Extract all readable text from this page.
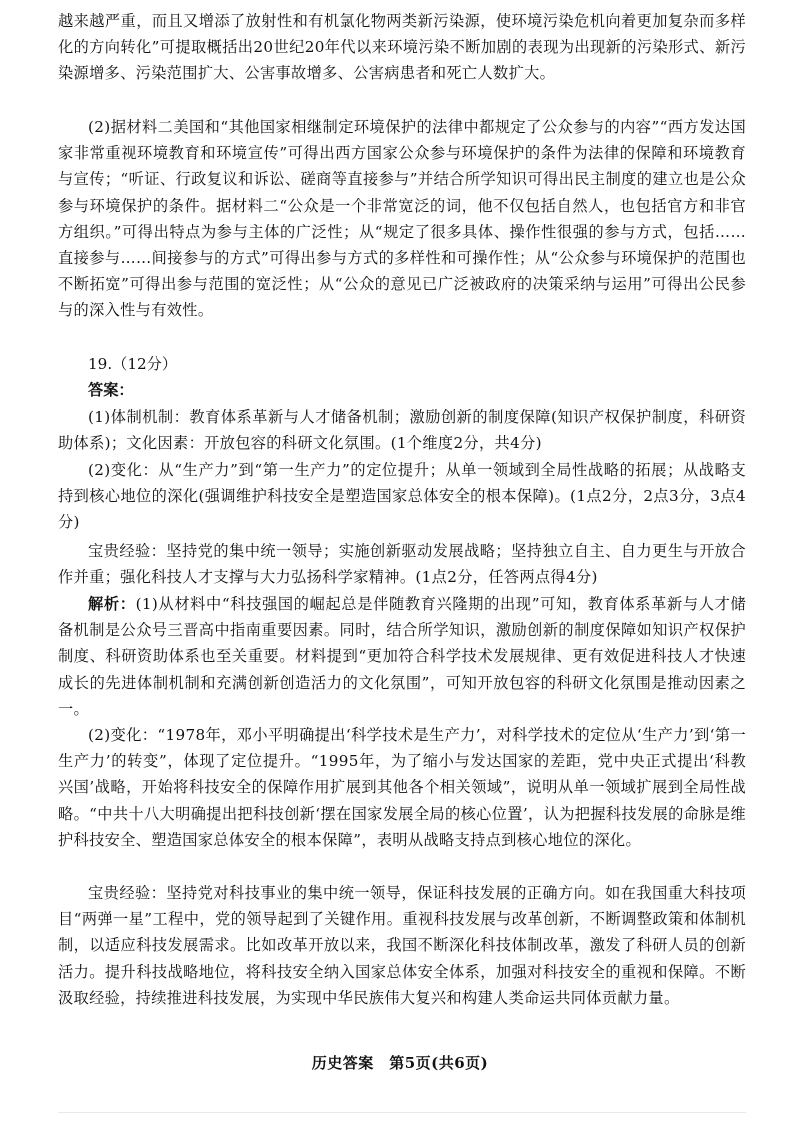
越来越严重，而且又增添了放射性和有机氯化物两类新污染源，使环境污染危机向着更加复杂而多样化的方向转化”可提取概括出20世纪20年代以来环境污染不断加剧的表现为出现新的污染形式、新污染源增多、污染范围扩大、公害事故增多、公害病患者和死亡人数扩大。

(2)据材料二美国和“其他国家相继制定环境保护的法律中都规定了公众参与的内容”“西方发达国家非常重视环境教育和环境宣传”可得出西方国家公众参与环境保护的条件为法律的保障和环境教育与宣传；“听证、行政复议和诉讼、磋商等直接参与”并结合所学知识可得出民主制度的建立也是公众参与环境保护的条件。据材料二“公众是一个非常宽泛的词，他不仅包括自然人，也包括官方和非官方组织。”可得出特点为参与主体的广泛性；从“规定了很多具体、操作性很强的参与方式，包括……直接参与……间接参与的方式”可得出参与方式的多样性和可操作性；从“公众参与环境保护的范围也不断拓宽”可得出参与范围的宽泛性；从“公众的意见已广泛被政府的决策采纳与运用”可得出公民参与的深入性与有效性。

19.（12分）

答案：

(1)体制机制：教育体系革新与人才储备机制；激励创新的制度保障(知识产权保护制度，科研资助体系)；文化因素：开放包容的科研文化氛围。(1个维度2分，共4分)

(2)变化：从“生产力”到“第一生产力”的定位提升；从单一领域到全局性战略的拓展；从战略支持到核心地位的深化(强调维护科技安全是塑造国家总体安全的根本保障)。(1点2分，2点3分，3点4分)

宝贵经验：坚持党的集中统一领导；实施创新驱动发展战略；坚持独立自主、自力更生与开放合作并重；强化科技人才支撑与大力弘扬科学家精神。(1点2分，任答两点得4分)

解析：(1)从材料中“科技强国的崛起总是伴随教育兴隆期的出现”可知，教育体系革新与人才储备机制是公众号三晋高中指南重要因素。同时，结合所学知识，激励创新的制度保障如知识产权保护制度、科研资助体系也至关重要。材料提到“更加符合科学技术发展规律、更有效促进科技人才快速成长的先进体制机制和充满创新创造活力的文化氛围”，可知开放包容的科研文化氛围是推动因素之一。

(2)变化：“1978年，邓小平明确提出‘科学技术是生产力’，对科学技术的定位从‘生产力’到‘第一生产力’的转变”，体现了定位提升。“1995年，为了缩小与发达国家的差距，党中央正式提出‘科教兴国’战略，开始将科技安全的保障作用扩展到其他各个相关领域”，说明从单一领域扩展到全局性战略。“中共十八大明确提出把科技创新‘摆在国家发展全局的核心位置’，认为把握科技发展的命脉是维护科技安全、塑造国家总体安全的根本保障”，表明从战略支持点到核心地位的深化。

宝贵经验：坚持党对科技事业的集中统一领导，保证科技发展的正确方向。如在我国重大科技项目“两弹一星”工程中，党的领导起到了关键作用。重视科技发展与改革创新，不断调整政策和体制机制，以适应科技发展需求。比如改革开放以来，我国不断深化科技体制改革，激发了科研人员的创新活力。提升科技战略地位，将科技安全纳入国家总体安全体系，加强对科技安全的重视和保障。不断汲取经验，持续推进科技发展，为实现中华民族伟大复兴和构建人类命运共同体贡献力量。

历史答案　第5页(共6页)
